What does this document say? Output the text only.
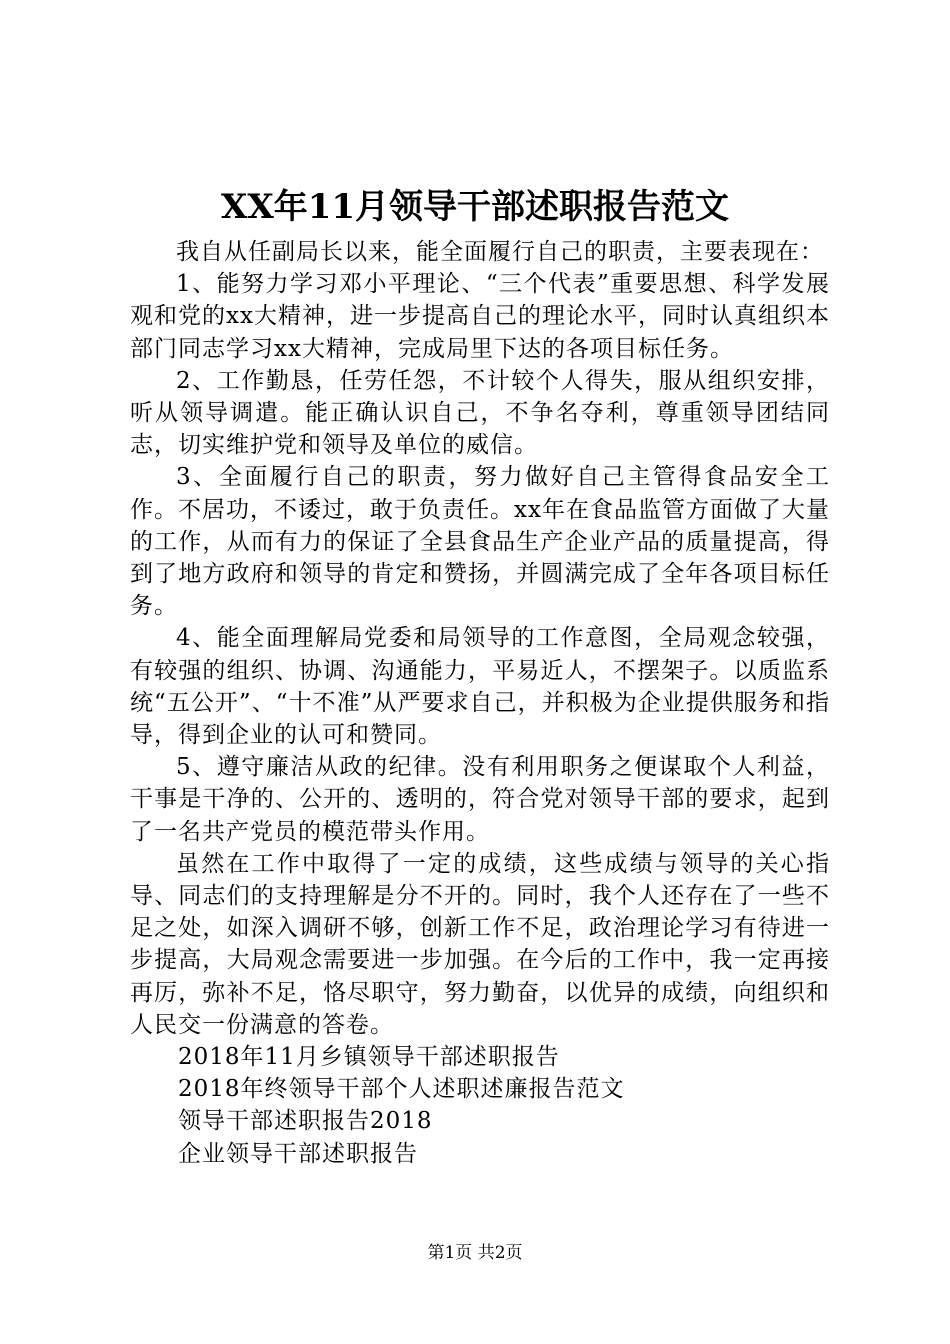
XX年11月领导干部述职报告范文

我自从任副局长以来，能全面履行自己的职责，主要表现在：

1、能努力学习邓小平理论、“三个代表”重要思想、科学发展观和党的xx大精神，进一步提高自己的理论水平，同时认真组织本部门同志学习xx大精神，完成局里下达的各项目标任务。

2、工作勤恳，任劳任怨，不计较个人得失，服从组织安排，听从领导调遣。能正确认识自己，不争名夺利，尊重领导团结同志，切实维护党和领导及单位的威信。

3、全面履行自己的职责，努力做好自己主管得食品安全工作。不居功，不诿过，敢于负责任。xx年在食品监管方面做了大量的工作，从而有力的保证了全县食品生产企业产品的质量提高，得到了地方政府和领导的肯定和赞扬，并圆满完成了全年各项目标任务。

4、能全面理解局党委和局领导的工作意图，全局观念较强，有较强的组织、协调、沟通能力，平易近人，不摆架子。以质监系统“五公开”、“十不准”从严要求自己，并积极为企业提供服务和指导，得到企业的认可和赞同。

5、遵守廉洁从政的纪律。没有利用职务之便谋取个人利益，干事是干净的、公开的、透明的，符合党对领导干部的要求，起到了一名共产党员的模范带头作用。

虽然在工作中取得了一定的成绩，这些成绩与领导的关心指导、同志们的支持理解是分不开的。同时，我个人还存在了一些不足之处，如深入调研不够，创新工作不足，政治理论学习有待进一步提高，大局观念需要进一步加强。在今后的工作中，我一定再接再厉，弥补不足，恪尽职守，努力勤奋，以优异的成绩，向组织和人民交一份满意的答卷。

2018年11月乡镇领导干部述职报告

2018年终领导干部个人述职述廉报告范文

领导干部述职报告2018

企业领导干部述职报告

第1页 共2页
